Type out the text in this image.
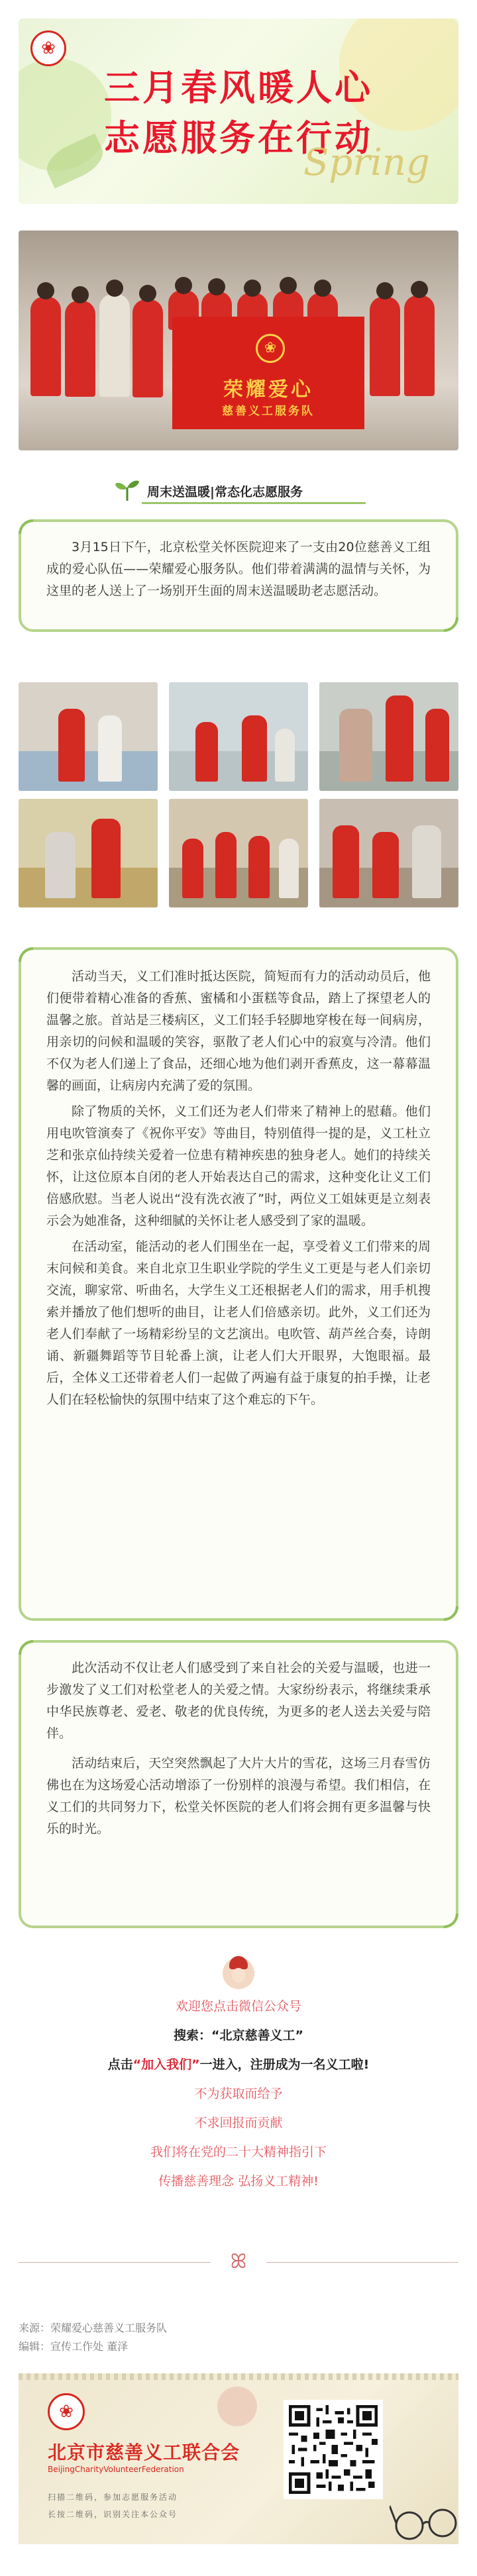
❀
三月春风暖人心
志愿服务在行动
Spring
❀
荣耀爱心
慈善义工服务队
周末送温暖|常态化志愿服务

3月15日下午，北京松堂关怀医院迎来了一支由20位慈善义工组成的爱心队伍——荣耀爱心服务队。他们带着满满的温情与关怀，为这里的老人送上了一场别开生面的周末送温暖助老志愿活动。

活动当天，义工们准时抵达医院，简短而有力的活动动员后，他们便带着精心准备的香蕉、蜜橘和小蛋糕等食品，踏上了探望老人的温馨之旅。首站是三楼病区，义工们轻手轻脚地穿梭在每一间病房，用亲切的问候和温暖的笑容，驱散了老人们心中的寂寞与冷清。他们不仅为老人们递上了食品，还细心地为他们剥开香蕉皮，这一幕幕温馨的画面，让病房内充满了爱的氛围。

除了物质的关怀，义工们还为老人们带来了精神上的慰藉。他们用电吹管演奏了《祝你平安》等曲目，特别值得一提的是，义工杜立芝和张京仙持续关爱着一位患有精神疾患的独身老人。她们的持续关怀，让这位原本自闭的老人开始表达自己的需求，这种变化让义工们倍感欣慰。当老人说出“没有洗衣液了”时，两位义工姐妹更是立刻表示会为她准备，这种细腻的关怀让老人感受到了家的温暖。

在活动室，能活动的老人们围坐在一起，享受着义工们带来的周末问候和美食。来自北京卫生职业学院的学生义工更是与老人们亲切交流，聊家常、听曲名，大学生义工还根据老人们的需求，用手机搜索并播放了他们想听的曲目，让老人们倍感亲切。此外，义工们还为老人们奉献了一场精彩纷呈的文艺演出。电吹管、葫芦丝合奏，诗朗诵、新疆舞蹈等节目轮番上演，让老人们大开眼界，大饱眼福。最后，全体义工还带着老人们一起做了两遍有益于康复的拍手操，让老人们在轻松愉快的氛围中结束了这个难忘的下午。

此次活动不仅让老人们感受到了来自社会的关爱与温暖，也进一步激发了义工们对松堂老人的关爱之情。大家纷纷表示，将继续秉承中华民族尊老、爱老、敬老的优良传统，为更多的老人送去关爱与陪伴。

活动结束后，天空突然飘起了大片大片的雪花，这场三月春雪仿佛也在为这场爱心活动增添了一份别样的浪漫与希望。我们相信，在义工们的共同努力下，松堂关怀医院的老人们将会拥有更多温馨与快乐的时光。

欢迎您点击微信公众号
搜索：“北京慈善义工”
点击“加入我们”一进入，注册成为一名义工啦!
不为获取而给予
不求回报而贡献
我们将在党的二十大精神指引下
传播慈善理念 弘扬义工精神!
ꕤ
来源：荣耀爱心慈善义工服务队
编辑：宣传工作处 董泽
❀
北京市慈善义工联合会
BeijingCharityVolunteerFederation
扫描二维码，参加志愿服务活动
长按二维码，识别关注本公众号
